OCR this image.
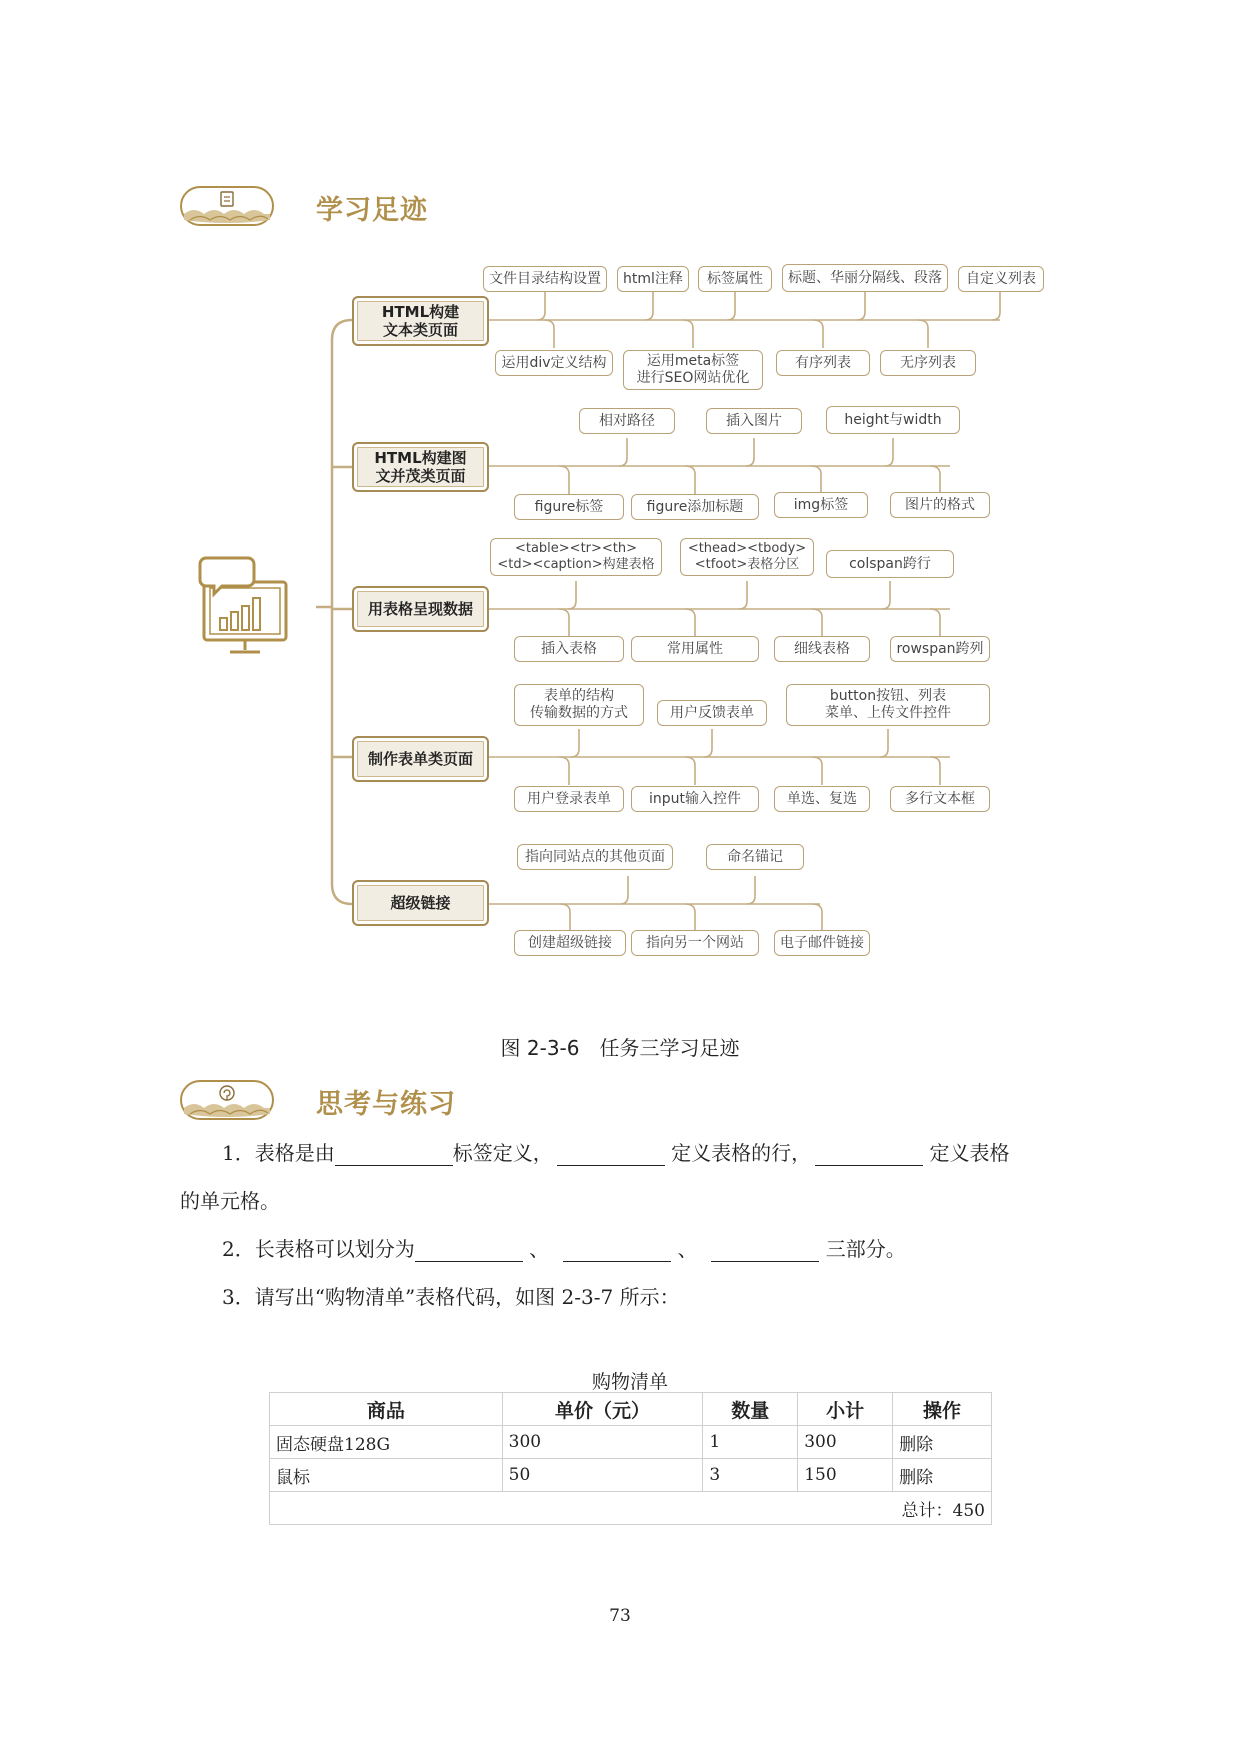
学习足迹
HTML构建
文本类页面
HTML构建图
文并茂类页面
用表格呈现数据
制作表单类页面
超级链接
文件目录结构设置	html注释	标签属性	标题、华丽分隔线、段落	自定义列表
运用div定义结构	运用meta标签
进行SEO网站优化
有序列表	无序列表
相对路径	插入图片	height与width
figure标签	figure添加标题	img标签	图片的格式
<table><tr><th>
<td><caption>构建表格
<thead><tbody>
<tfoot>表格分区	colspan跨行
插入表格	常用属性	细线表格	rowspan跨列
表单的结构
传输数据的方式	用户反馈表单
button按钮、列表
菜单、上传文件控件
用户登录表单	input输入控件	单选、复选	多行文本框
指向同站点的其他页面	命名锚记
创建超级链接	指向另一个网站	电子邮件链接
图 2-3-6　任务三学习足迹
思考与练习
1．表格是由	标签定义，	定义表格的行，	定义表格
的单元格。
2．长表格可以划分为	、	、	三部分。
3．请写出“购物清单”表格代码，如图 2-3-7 所示：
购物清单
商品	单价（元）	数量	小计	操作
固态硬盘128G	300	1	300	删除
鼠标	50	3	150	删除
总计：450				
73
